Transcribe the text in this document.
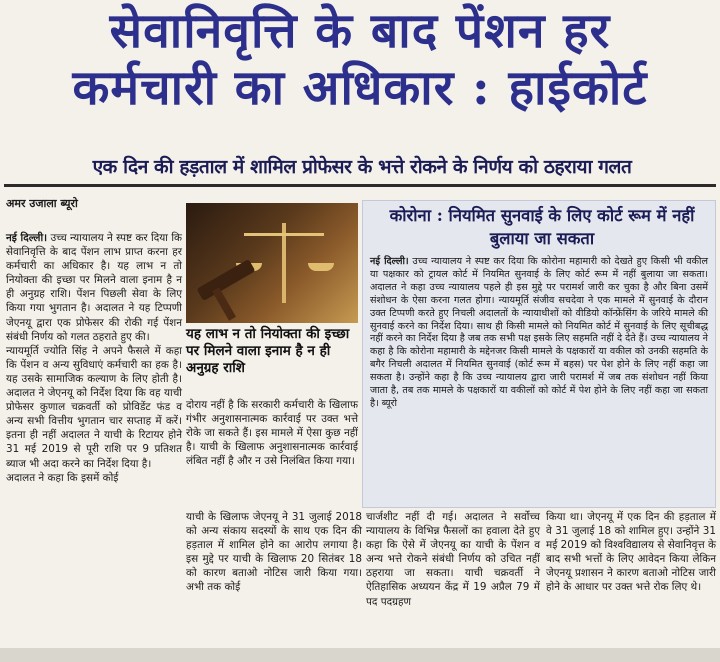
सेवानिवृत्ति के बाद पेंशन हर
कर्मचारी का अधिकार : हाईकोर्ट
एक दिन की हड़ताल में शामिल प्रोफेसर के भत्ते रोकने के निर्णय को ठहराया गलत
अमर उजाला ब्यूरो

नई दिल्ली। उच्च न्यायालय ने स्पष्ट कर दिया कि सेवानिवृत्ति के बाद पेंशन लाभ प्राप्त करना हर कर्मचारी का अधिकार है। यह लाभ न तो नियोक्ता की इच्छा पर मिलने वाला इनाम है न ही अनुग्रह राशि। पेंशन पिछली सेवा के लिए किया गया भुगतान है। अदालत ने यह टिप्पणी जेएनयू द्वारा एक प्रोफेसर की रोकी गई पेंशन संबंधी निर्णय को गलत ठहराते हुए की।

न्यायमूर्ति ज्योति सिंह ने अपने फैसले में कहा कि पेंशन व अन्य सुविधाएं कर्मचारी का हक है। यह उसके सामाजिक कल्याण के लिए होती है। अदालत ने जेएनयू को निर्देश दिया कि वह याची प्रोफेसर कुणाल चक्रवर्ती को प्रोविडेंट फंड व अन्य सभी वित्तीय भुगतान चार सप्ताह में करें। इतना ही नहीं अदालत ने याची के रिटायर होने 31 मई 2019 से पूरी राशि पर 9 प्रतिशत ब्याज भी अदा करने का निर्देश दिया है।

अदालत ने कहा कि इसमें कोई

यह लाभ न तो नियोक्ता की इच्छा पर मिलने वाला इनाम है न ही अनुग्रह राशि
दोराय नहीं है कि सरकारी कर्मचारी के खिलाफ गंभीर अनुशासनात्मक कार्रवाई पर उक्त भत्ते रोके जा सकते हैं। इस मामले में ऐसा कुछ नहीं है। याची के खिलाफ अनुशासनात्मक कार्रवाई लंबित नहीं है और न उसे निलंबित किया गया।
कोरोना : नियमित सुनवाई के लिए कोर्ट रूम में नहीं बुलाया जा सकता

नई दिल्ली। उच्च न्यायालय ने स्पष्ट कर दिया कि कोरोना महामारी को देखते हुए किसी भी वकील या पक्षकार को ट्रायल कोर्ट में नियमित सुनवाई के लिए कोर्ट रूम में नहीं बुलाया जा सकता। अदालत ने कहा उच्च न्यायालय पहले ही इस मुद्दे पर परामर्श जारी कर चुका है और बिना उसमें संशोधन के ऐसा करना गलत होगा। न्यायमूर्ति संजीव सचदेवा ने एक मामले में सुनवाई के दौरान उक्त टिप्पणी करते हुए निचली अदालतों के न्यायाधीशों को वीडियो कॉन्फ्रेंसिंग के जरिये मामले की सुनवाई करने का निर्देश दिया। साथ ही किसी मामले को नियमित कोर्ट में सुनवाई के लिए सूचीबद्ध नहीं करने का निर्देश दिया है जब तक सभी पक्ष इसके लिए सहमति नहीं दे देते हैं। उच्च न्यायालय ने कहा है कि कोरोना महामारी के मद्देनजर किसी मामले के पक्षकारों या वकील को उनकी सहमति के बगैर निचली अदालत में नियमित सुनवाई (कोर्ट रूम में बहस) पर पेश होने के लिए नहीं कहा जा सकता है। उन्होंने कहा है कि उच्च न्यायालय द्वारा जारी परामर्श में जब तक संशोधन नहीं किया जाता है, तब तक मामले के पक्षकारों या वकीलों को कोर्ट में पेश होने के लिए नहीं कहा जा सकता है। ब्यूरो

याची के खिलाफ जेएनयू ने 31 जुलाई 2018 को अन्य संकाय सदस्यों के साथ एक दिन की हड़ताल में शामिल होने का आरोप लगाया है। इस मुद्दे पर याची के खिलाफ 20 सितंबर 18 को कारण बताओ नोटिस जारी किया गया। अभी तक कोई
चार्जशीट नहीं दी गई। अदालत ने सर्वोच्च न्यायालय के विभिन्न फैसलों का हवाला देते हुए कहा कि ऐसे में जेएनयू का याची के पेंशन व अन्य भत्ते रोकने संबंधी निर्णय को उचित नहीं ठहराया जा सकता। याची चक्रवर्ती ने ऐतिहासिक अध्ययन केंद्र में 19 अप्रैल 79 में पद पदग्रहण
किया था। जेएनयू में एक दिन की हड़ताल में वे 31 जुलाई 18 को शामिल हुए। उन्होंने 31 मई 2019 को विश्वविद्यालय से सेवानिवृत्त के बाद सभी भत्तों के लिए आवेदन किया लेकिन जेएनयू प्रशासन ने कारण बताओ नोटिस जारी होने के आधार पर उक्त भत्ते रोक लिए थे।
